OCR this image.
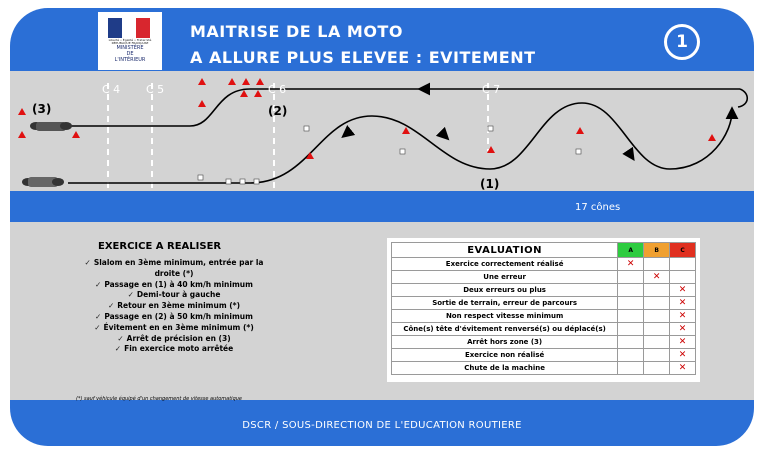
Liberté • Égalité • Fraternité RÉPUBLIQUE FRANÇAISE
MINISTÈRE
DE
L'INTÉRIEUR
MAITRISE DE LA MOTO
A ALLURE PLUS ELEVEE : EVITEMENT
1
C 4 C 5	C 6	C 7
(3)	(2)
(1)
17 cônes
EXERCICE A REALISER
✓ Slalom en 3ème minimum, entrée par la droite (*)
✓ Passage en (1) à 40 km/h minimum
✓ Demi-tour à gauche
✓ Retour en 3ème minimum (*)
✓ Passage en (2) à 50 km/h minimum
✓ Évitement en en 3ème minimum (*)
✓ Arrêt de précision en (3)
✓ Fin exercice moto arrêtée
(*) sauf véhicule équipé d'un changement de vitesse automatique
EVALUATION	A	B	C
Exercice correctement réalisé	✕		
Une erreur		✕	
Deux erreurs ou plus			✕
Sortie de terrain, erreur de parcours			✕
Non respect vitesse minimum			✕
Cône(s) tête d'évitement renversé(s) ou déplacé(s)			✕
Arrêt hors zone (3)			✕
Exercice non réalisé			✕
Chute de la machine			✕
DSCR / SOUS-DIRECTION DE L'EDUCATION ROUTIERE
